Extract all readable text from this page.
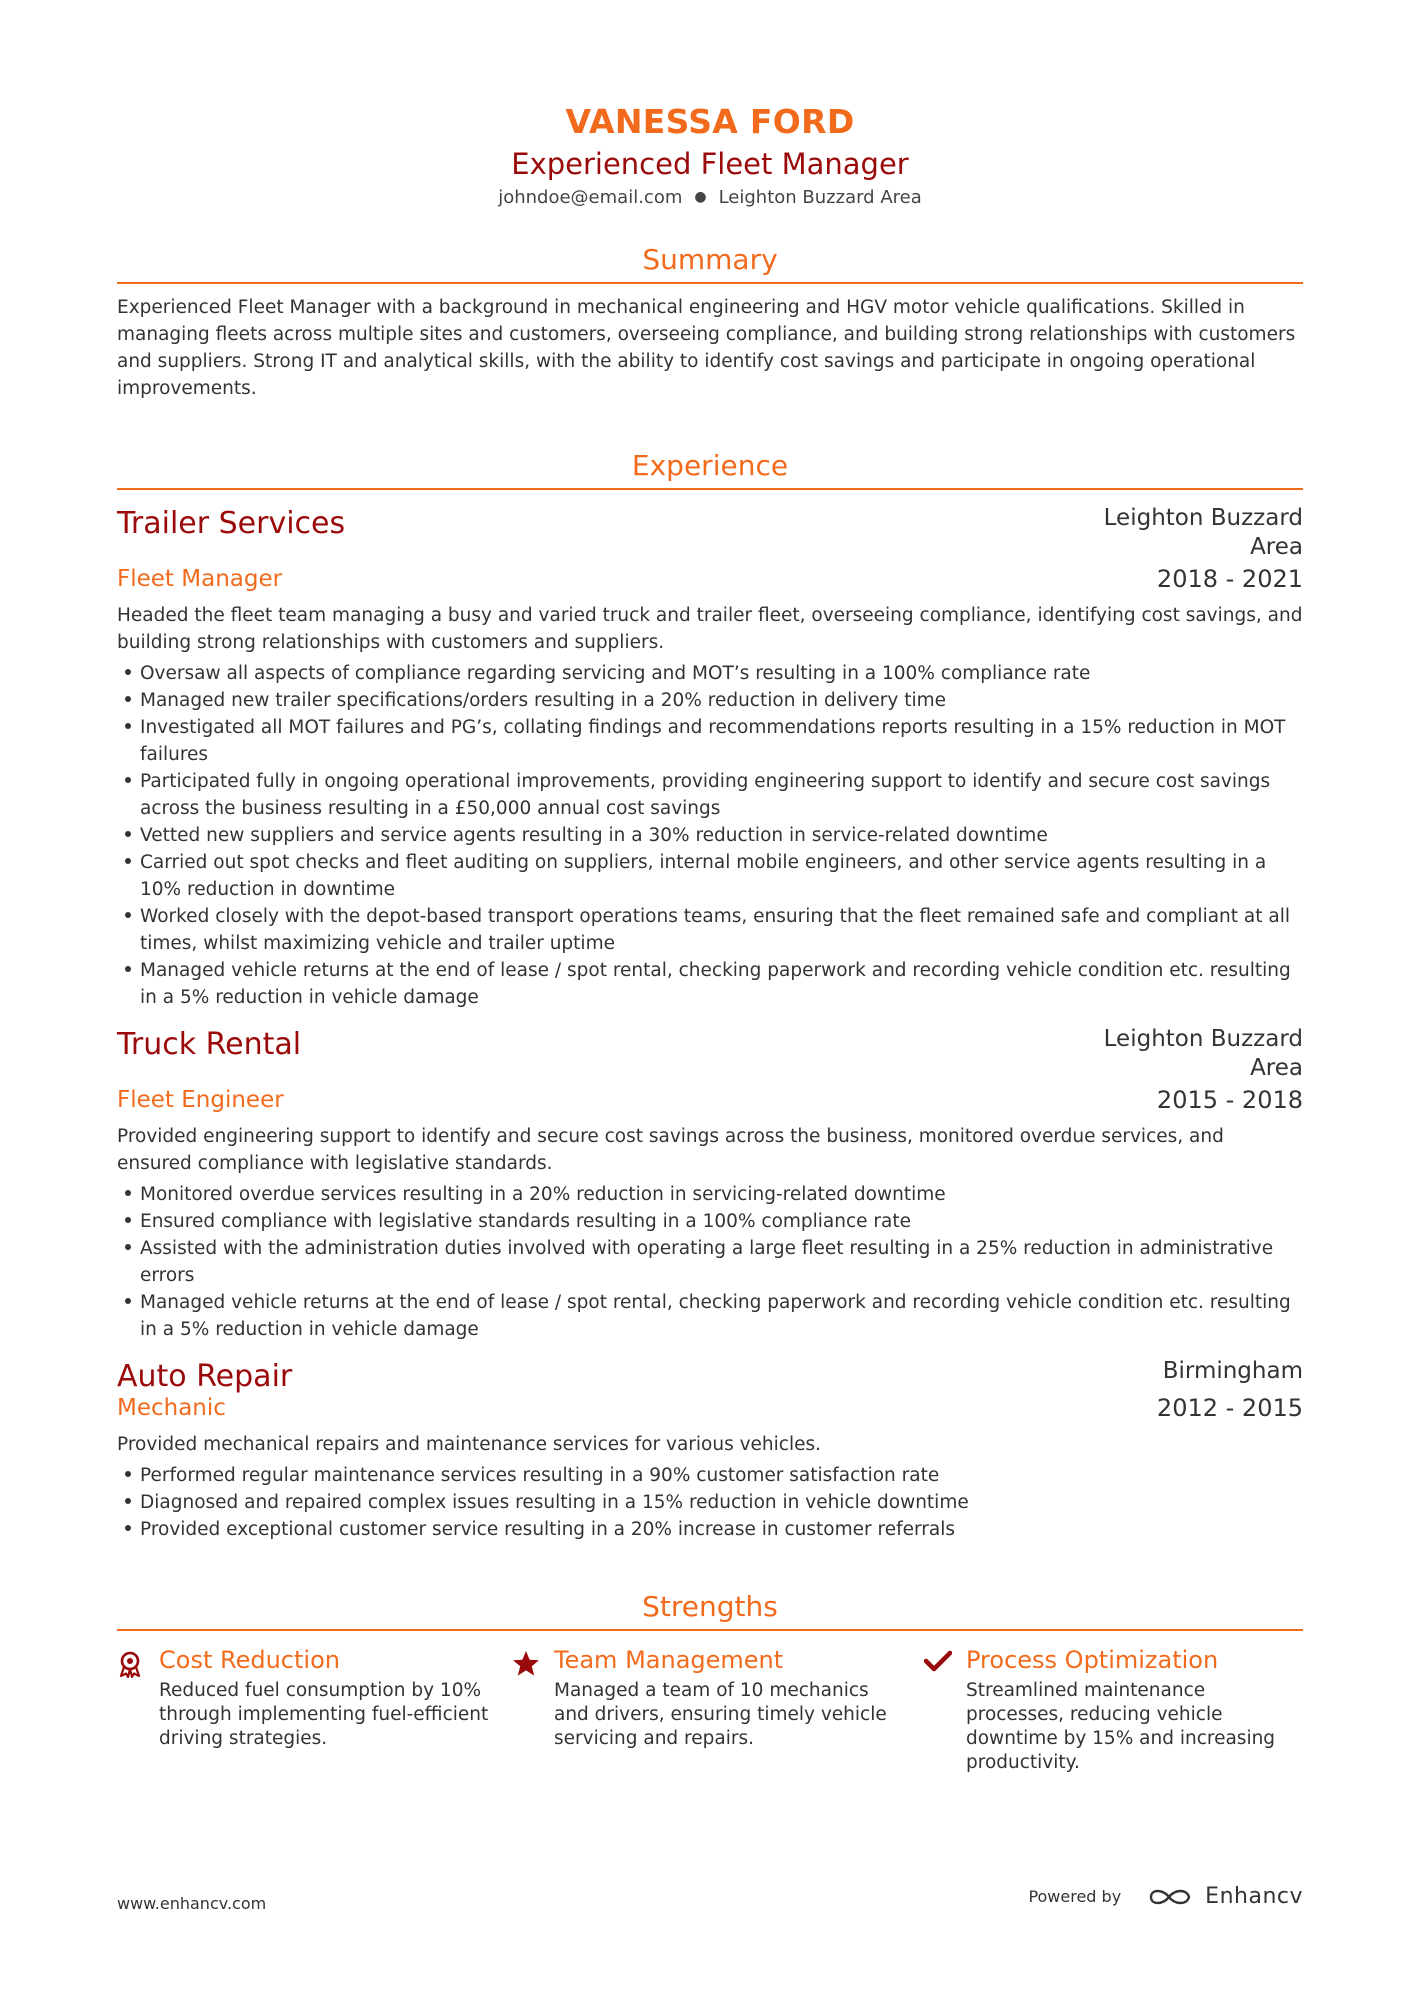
VANESSA FORD
Experienced Fleet Manager
johndoe@email.com ● Leighton Buzzard Area
Summary
Experienced Fleet Manager with a background in mechanical engineering and HGV motor vehicle qualifications. Skilled in managing fleets across multiple sites and customers, overseeing compliance, and building strong relationships with customers and suppliers. Strong IT and analytical skills, with the ability to identify cost savings and participate in ongoing operational improvements.
Experience
Trailer Services	Leighton Buzzard Area
Fleet Manager	2018 - 2021
Headed the fleet team managing a busy and varied truck and trailer fleet, overseeing compliance, identifying cost savings, and building strong relationships with customers and suppliers.
Oversaw all aspects of compliance regarding servicing and MOT’s resulting in a 100% compliance rate
Managed new trailer specifications/orders resulting in a 20% reduction in delivery time
Investigated all MOT failures and PG’s, collating findings and recommendations reports resulting in a 15% reduction in MOT failures
Participated fully in ongoing operational improvements, providing engineering support to identify and secure cost savings across the business resulting in a £50,000 annual cost savings
Vetted new suppliers and service agents resulting in a 30% reduction in service-related downtime
Carried out spot checks and fleet auditing on suppliers, internal mobile engineers, and other service agents resulting in a 10% reduction in downtime
Worked closely with the depot-based transport operations teams, ensuring that the fleet remained safe and compliant at all times, whilst maximizing vehicle and trailer uptime
Managed vehicle returns at the end of lease / spot rental, checking paperwork and recording vehicle condition etc. resulting in a 5% reduction in vehicle damage
Truck Rental	Leighton Buzzard Area
Fleet Engineer	2015 - 2018
Provided engineering support to identify and secure cost savings across the business, monitored overdue services, and ensured compliance with legislative standards.
Monitored overdue services resulting in a 20% reduction in servicing-related downtime
Ensured compliance with legislative standards resulting in a 100% compliance rate
Assisted with the administration duties involved with operating a large fleet resulting in a 25% reduction in administrative errors
Managed vehicle returns at the end of lease / spot rental, checking paperwork and recording vehicle condition etc. resulting in a 5% reduction in vehicle damage
Auto Repair	Birmingham
Mechanic	2012 - 2015
Provided mechanical repairs and maintenance services for various vehicles.
Performed regular maintenance services resulting in a 90% customer satisfaction rate
Diagnosed and repaired complex issues resulting in a 15% reduction in vehicle downtime
Provided exceptional customer service resulting in a 20% increase in customer referrals
Strengths
Cost Reduction
Reduced fuel consumption by 10% through implementing fuel-efficient driving strategies.
Team Management
Managed a team of 10 mechanics and drivers, ensuring timely vehicle servicing and repairs.
Process Optimization
Streamlined maintenance processes, reducing vehicle downtime by 15% and increasing productivity.
www.enhancv.com	Powered by	Enhancv
